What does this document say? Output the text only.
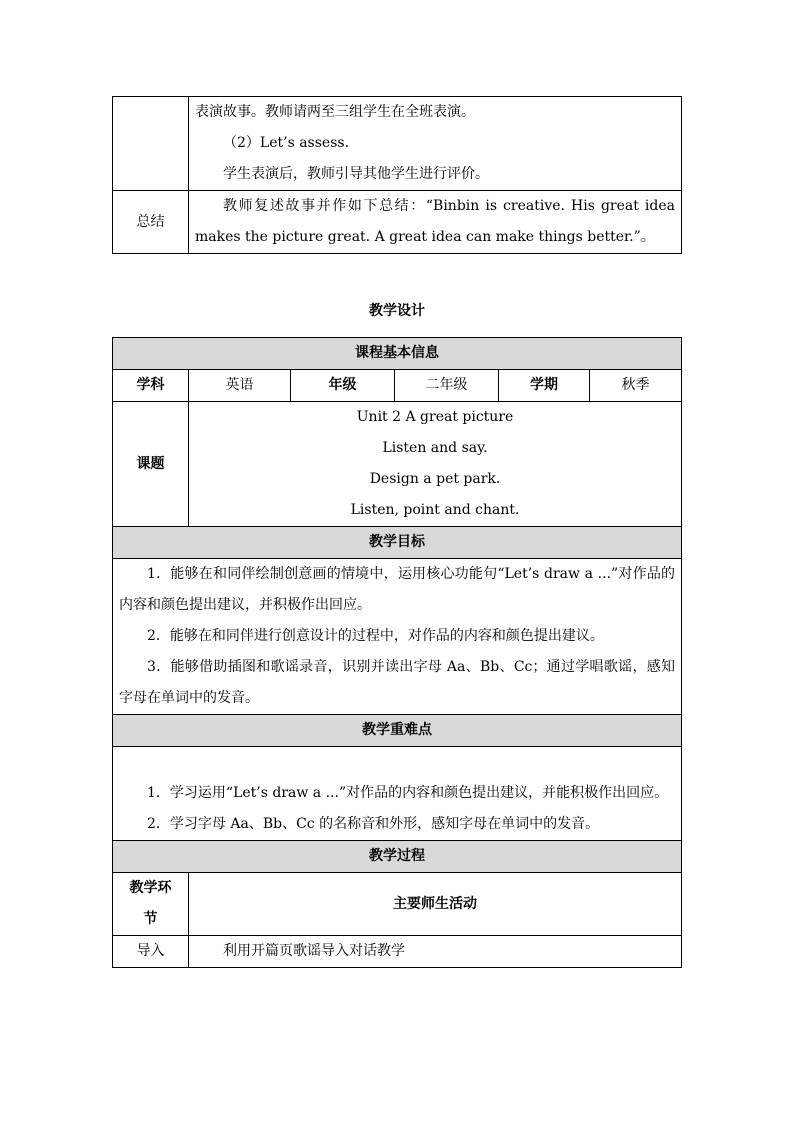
	表演故事。教师请两至三组学生在全班表演。

（2）Let’s assess.

学生表演后，教师引导其他学生进行评价。

总结	教师复述故事并作如下总结：“Binbin is creative. His great idea makes the picture great. A great idea can make things better.”。
教学设计
课程基本信息					
学科	英语	年级	二年级	学期	秋季
课题	Unit 2 A great picture

Listen and say.

Design a pet park.

Listen, point and chant.				

教学目标					

1．能够在和同伴绘制创意画的情境中，运用核心功能句“Let’s draw a ...”对作品的内容和颜色提出建议，并积极作出回应。

2．能够在和同伴进行创意设计的过程中，对作品的内容和颜色提出建议。

3．能够借助插图和歌谣录音，识别并读出字母 Aa、Bb、Cc；通过学唱歌谣，感知字母在单词中的发音。					

教学重难点					

1．学习运用“Let’s draw a ...”对作品的内容和颜色提出建议，并能积极作出回应。

2．学习字母 Aa、Bb、Cc 的名称音和外形，感知字母在单词中的发音。					

教学过程					
教学环节	主要师生活动				
导入	利用开篇页歌谣导入对话教学				
